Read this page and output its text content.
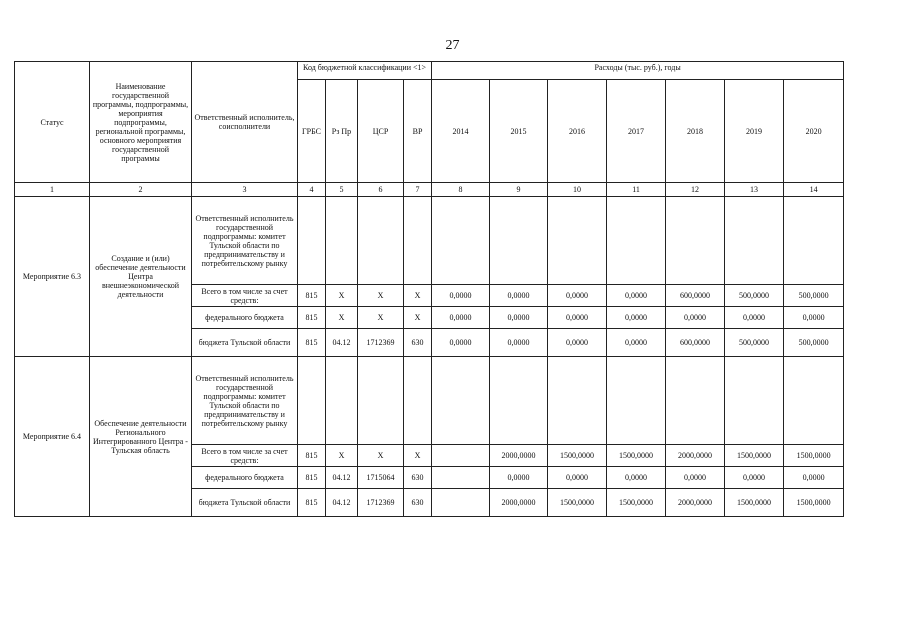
27
Статус	Наименование государственной программы, подпрограммы, мероприятия подпрограммы, региональной программы, основного мероприятия государственной программы	Ответственный исполнитель, соисполнители	Код бюджетной классификации <1>				Расходы (тыс. руб.), годы						
			ГРБС	Рз Пр	ЦСР	ВР	2014	2015	2016	2017	2018	2019	2020
1	2	3	4	5	6	7	8	9	10	11	12	13	14
Мероприятие 6.3	Создание и (или) обеспечение деятельности Центра внешнеэкономической деятельности	Ответственный исполнитель государственной подпрограммы: комитет Тульской области по предпринимательству и потребительскому рынку											
		Всего в том числе за счет средств:	815	X	X	X	0,0000	0,0000	0,0000	0,0000	600,0000	500,0000	500,0000
		федерального бюджета	815	X	X	X	0,0000	0,0000	0,0000	0,0000	0,0000	0,0000	0,0000
		бюджета Тульской области	815	04.12	1712369	630	0,0000	0,0000	0,0000	0,0000	600,0000	500,0000	500,0000
Мероприятие 6.4	Обеспечение деятельности Регионального Интегрированного Центра - Тульская область	Ответственный исполнитель государственной подпрограммы: комитет Тульской области по предпринимательству и потребительскому рынку											
		Всего в том числе за счет средств:	815	X	X	X		2000,0000	1500,0000	1500,0000	2000,0000	1500,0000	1500,0000
		федерального бюджета	815	04.12	1715064	630		0,0000	0,0000	0,0000	0,0000	0,0000	0,0000
		бюджета Тульской области	815	04.12	1712369	630		2000,0000	1500,0000	1500,0000	2000,0000	1500,0000	1500,0000
